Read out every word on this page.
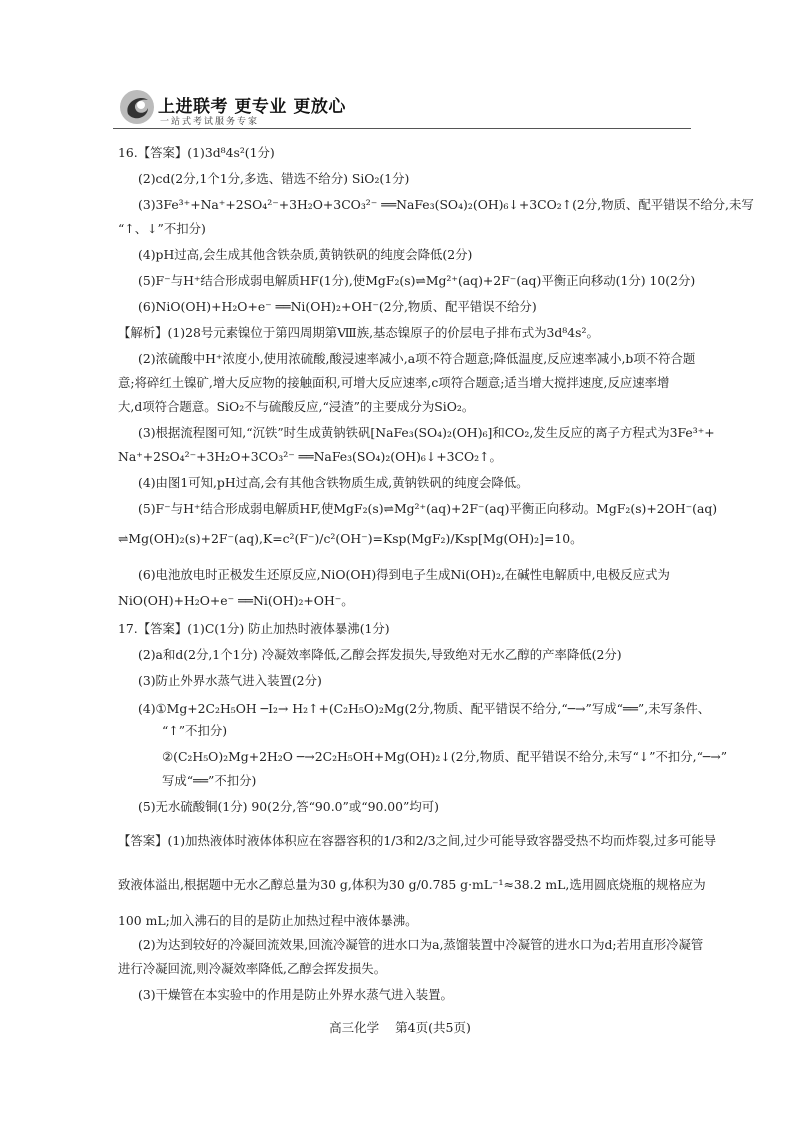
上进联考 更专业 更放心
一站式考试服务专家
16.【答案】(1)3d⁸4s²(1分)
(2)cd(2分,1个1分,多选、错选不给分) SiO₂(1分)
(3)3Fe³⁺+Na⁺+2SO₄²⁻+3H₂O+3CO₃²⁻ ══NaFe₃(SO₄)₂(OH)₆↓+3CO₂↑(2分,物质、配平错误不给分,未写
“↑、↓”不扣分)
(4)pH过高,会生成其他含铁杂质,黄钠铁矾的纯度会降低(2分)
(5)F⁻与H⁺结合形成弱电解质HF(1分),使MgF₂(s)⇌Mg²⁺(aq)+2F⁻(aq)平衡正向移动(1分) 10(2分)
(6)NiO(OH)+H₂O+e⁻ ══Ni(OH)₂+OH⁻(2分,物质、配平错误不给分)
【解析】(1)28号元素镍位于第四周期第Ⅷ族,基态镍原子的价层电子排布式为3d⁸4s²。
(2)浓硫酸中H⁺浓度小,使用浓硫酸,酸浸速率减小,a项不符合题意;降低温度,反应速率减小,b项不符合题
意;将碎红土镍矿,增大反应物的接触面积,可增大反应速率,c项符合题意;适当增大搅拌速度,反应速率增
大,d项符合题意。SiO₂不与硫酸反应,“浸渣”的主要成分为SiO₂。
(3)根据流程图可知,“沉铁”时生成黄钠铁矾[NaFe₃(SO₄)₂(OH)₆]和CO₂,发生反应的离子方程式为3Fe³⁺+
Na⁺+2SO₄²⁻+3H₂O+3CO₃²⁻ ══NaFe₃(SO₄)₂(OH)₆↓+3CO₂↑。
(4)由图1可知,pH过高,会有其他含铁物质生成,黄钠铁矾的纯度会降低。
(5)F⁻与H⁺结合形成弱电解质HF,使MgF₂(s)⇌Mg²⁺(aq)+2F⁻(aq)平衡正向移动。MgF₂(s)+2OH⁻(aq)
⇌Mg(OH)₂(s)+2F⁻(aq),K=c²(F⁻)/c²(OH⁻)=Ksp(MgF₂)/Ksp[Mg(OH)₂]=10。
(6)电池放电时正极发生还原反应,NiO(OH)得到电子生成Ni(OH)₂,在碱性电解质中,电极反应式为
NiO(OH)+H₂O+e⁻ ══Ni(OH)₂+OH⁻。
17.【答案】(1)C(1分) 防止加热时液体暴沸(1分)
(2)a和d(2分,1个1分) 冷凝效率降低,乙醇会挥发损失,导致绝对无水乙醇的产率降低(2分)
(3)防止外界水蒸气进入装置(2分)
(4)①Mg+2C₂H₅OH ─I₂→ H₂↑+(C₂H₅O)₂Mg(2分,物质、配平错误不给分,“─→”写成“══”,未写条件、
“↑”不扣分)
②(C₂H₅O)₂Mg+2H₂O ─→2C₂H₅OH+Mg(OH)₂↓(2分,物质、配平错误不给分,未写“↓”不扣分,“─→”
写成“══”不扣分)
(5)无水硫酸铜(1分) 90(2分,答“90.0”或“90.00”均可)
【答案】(1)加热液体时液体体积应在容器容积的1/3和2/3之间,过少可能导致容器受热不均而炸裂,过多可能导
致液体溢出,根据题中无水乙醇总量为30 g,体积为30 g/0.785 g·mL⁻¹≈38.2 mL,选用圆底烧瓶的规格应为
100 mL;加入沸石的目的是防止加热过程中液体暴沸。
(2)为达到较好的冷凝回流效果,回流冷凝管的进水口为a,蒸馏装置中冷凝管的进水口为d;若用直形冷凝管
进行冷凝回流,则冷凝效率降低,乙醇会挥发损失。
(3)干燥管在本实验中的作用是防止外界水蒸气进入装置。
高三化学 第4页(共5页)
